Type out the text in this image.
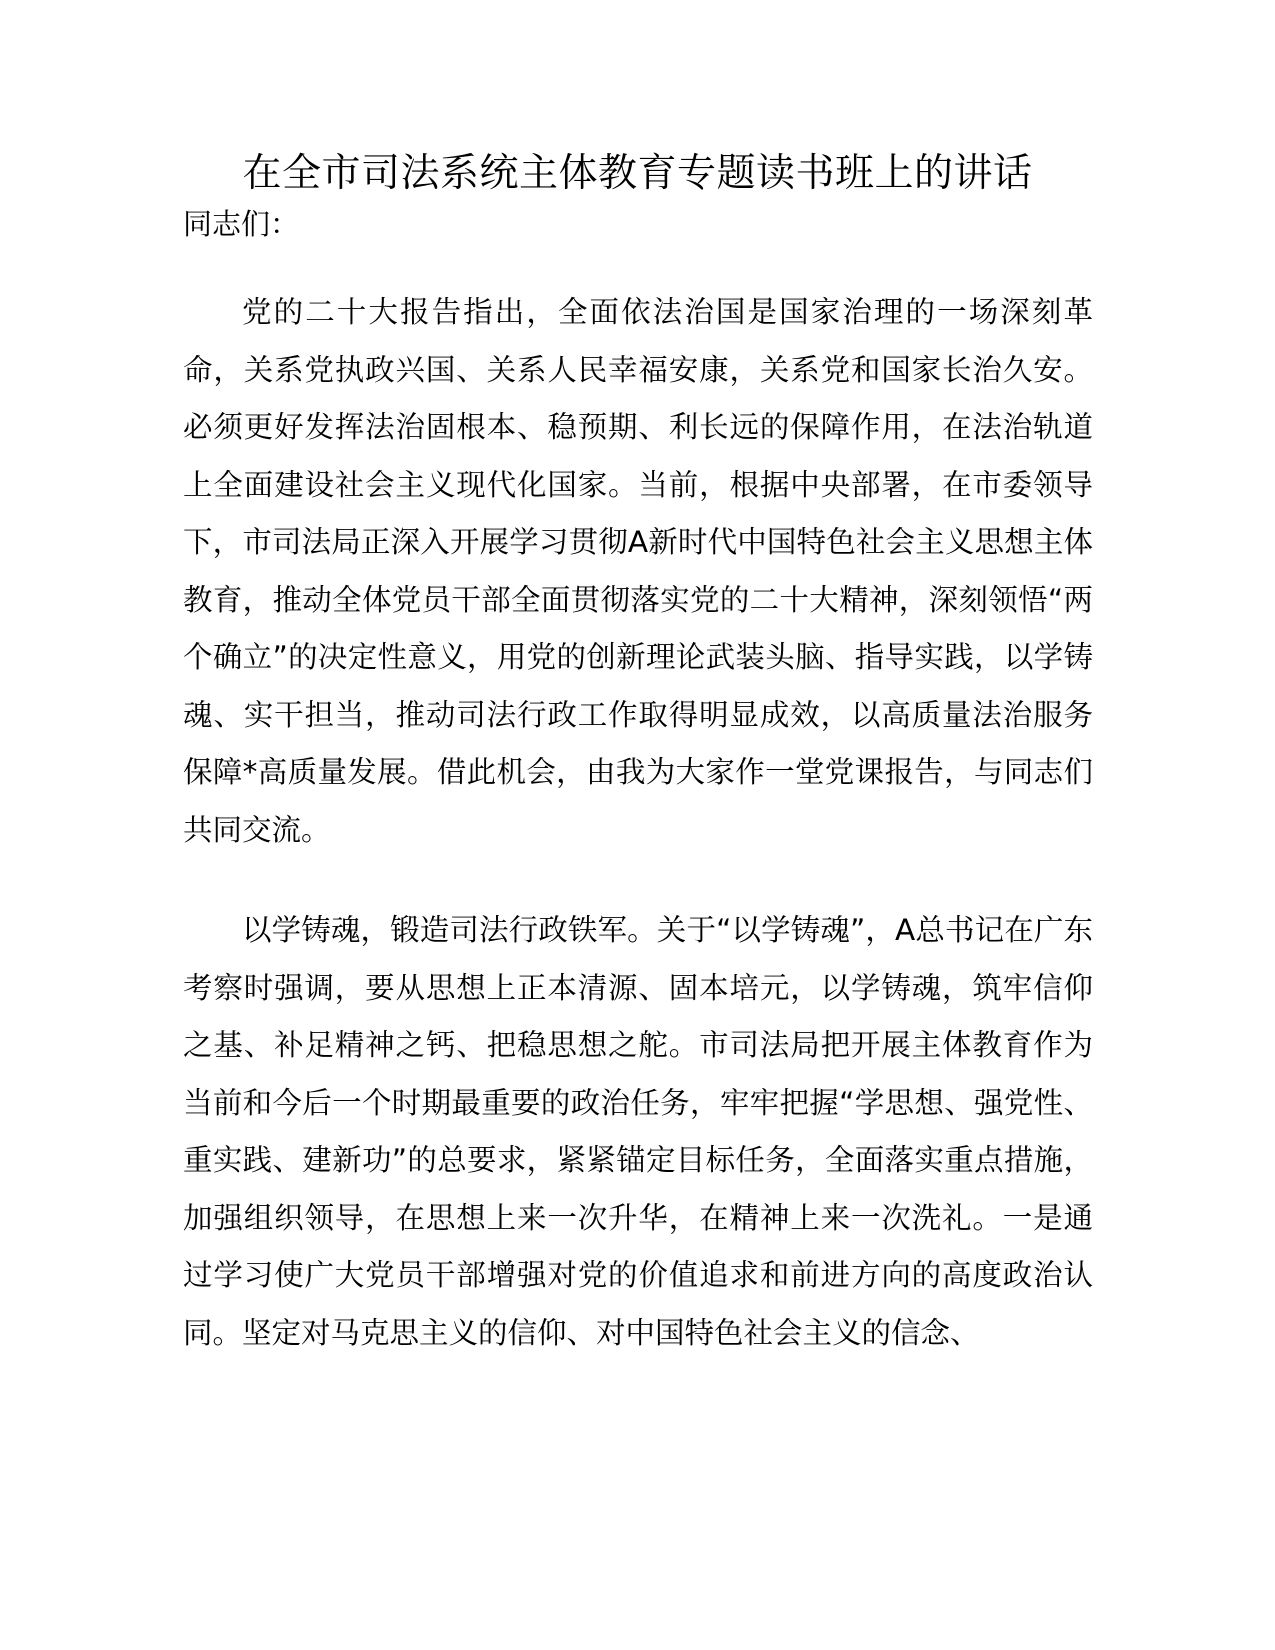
在全市司法系统主体教育专题读书班上的讲话

同志们：

党的二十大报告指出，全面依法治国是国家治理的一场深刻革命，关系党执政兴国、关系人民幸福安康，关系党和国家长治久安。必须更好发挥法治固根本、稳预期、利长远的保障作用，在法治轨道上全面建设社会主义现代化国家。当前，根据中央部署，在市委领导下，市司法局正深入开展学习贯彻A新时代中国特色社会主义思想主体教育，推动全体党员干部全面贯彻落实党的二十大精神，深刻领悟“两个确立”的决定性意义，用党的创新理论武装头脑、指导实践，以学铸魂、实干担当，推动司法行政工作取得明显成效，以高质量法治服务保障*高质量发展。借此机会，由我为大家作一堂党课报告，与同志们共同交流。

以学铸魂，锻造司法行政铁军。关于“以学铸魂”，A总书记在广东考察时强调，要从思想上正本清源、固本培元，以学铸魂，筑牢信仰之基、补足精神之钙、把稳思想之舵。市司法局把开展主体教育作为当前和今后一个时期最重要的政治任务，牢牢把握“学思想、强党性、重实践、建新功”的总要求，紧紧锚定目标任务，全面落实重点措施，加强组织领导，在思想上来一次升华，在精神上来一次洗礼。一是通过学习使广大党员干部增强对党的价值追求和前进方向的高度政治认同。坚定对马克思主义的信仰、对中国特色社会主义的信念、
